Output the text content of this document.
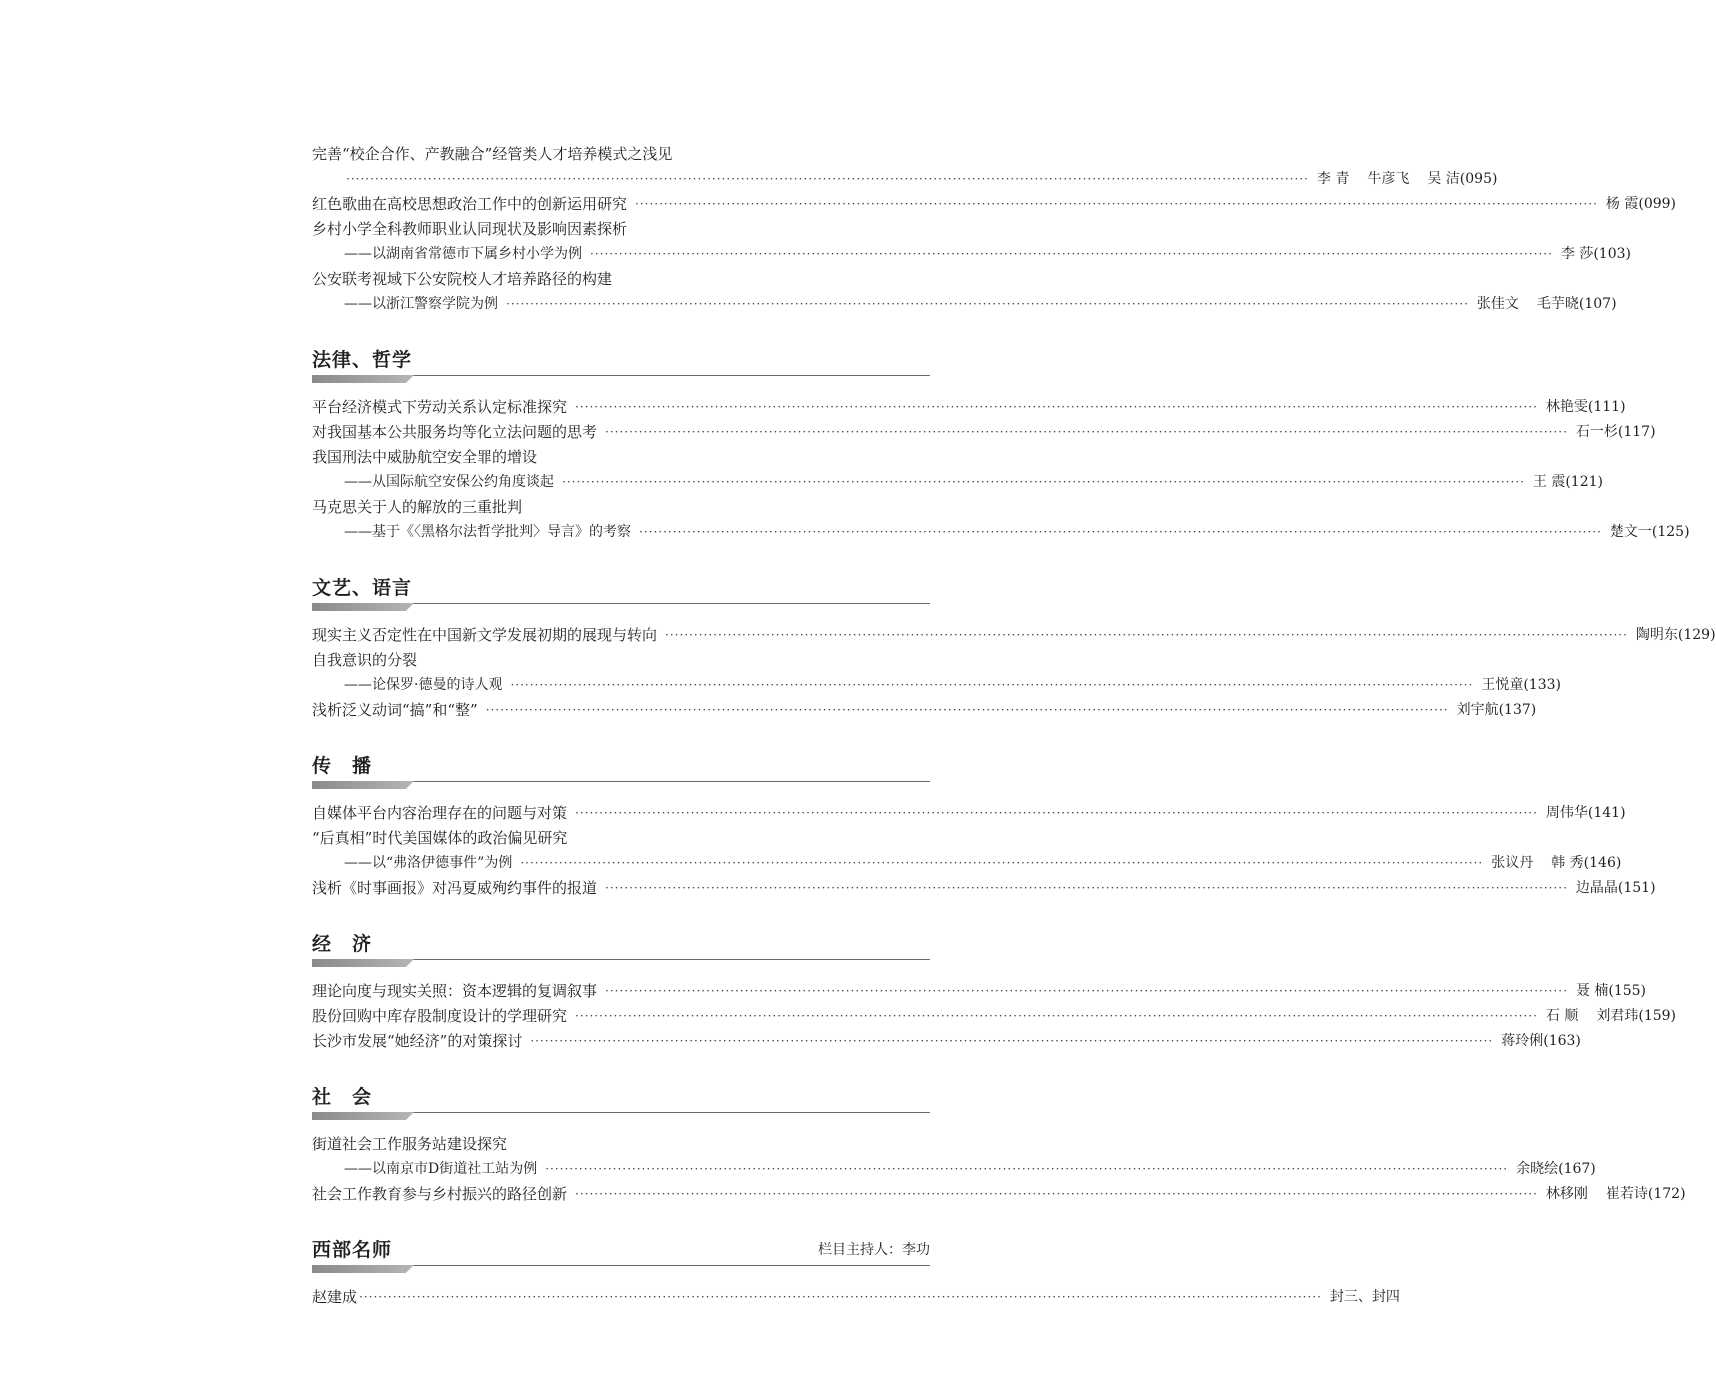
完善“校企合作、产教融合”经管类人才培养模式之浅见
········································································································································································································ 李 青 牛彦飞 吴 洁(095)
红色歌曲在高校思想政治工作中的创新运用研究 ········································································································································································································ 杨 霞(099)
乡村小学全科教师职业认同现状及影响因素探析
——以湖南省常德市下属乡村小学为例 ········································································································································································································ 李 莎(103)
公安联考视域下公安院校人才培养路径的构建
——以浙江警察学院为例 ········································································································································································································ 张佳文 毛芋晓(107)
法律、哲学
平台经济模式下劳动关系认定标准探究 ········································································································································································································ 林艳雯(111)
对我国基本公共服务均等化立法问题的思考 ········································································································································································································ 石一杉(117)
我国刑法中威胁航空安全罪的增设
——从国际航空安保公约角度谈起 ········································································································································································································ 王 震(121)
马克思关于人的解放的三重批判
——基于《〈黑格尔法哲学批判〉导言》的考察 ········································································································································································································ 楚文一(125)
文艺、语言
现实主义否定性在中国新文学发展初期的展现与转向 ········································································································································································································ 陶明东(129)
自我意识的分裂
——论保罗·德曼的诗人观 ········································································································································································································ 王悦童(133)
浅析泛义动词“搞”和“整” ········································································································································································································ 刘宇航(137)
传　播
自媒体平台内容治理存在的问题与对策 ········································································································································································································ 周伟华(141)
“后真相”时代美国媒体的政治偏见研究
——以“弗洛伊德事件”为例 ········································································································································································································ 张议丹 韩 秀(146)
浅析《时事画报》对冯夏威殉约事件的报道 ········································································································································································································ 边晶晶(151)
经　济
理论向度与现实关照：资本逻辑的复调叙事 ········································································································································································································ 聂 楠(155)
股份回购中库存股制度设计的学理研究 ········································································································································································································ 石 顺 刘君玮(159)
长沙市发展“她经济”的对策探讨 ········································································································································································································ 蒋玲俐(163)
社　会
街道社会工作服务站建设探究
——以南京市D街道社工站为例 ········································································································································································································ 余晓绘(167)
社会工作教育参与乡村振兴的路径创新 ········································································································································································································ 林移刚 崔若诗(172)
西部名师	栏目主持人：李功
赵建成 ········································································································································································································ 封三、封四
